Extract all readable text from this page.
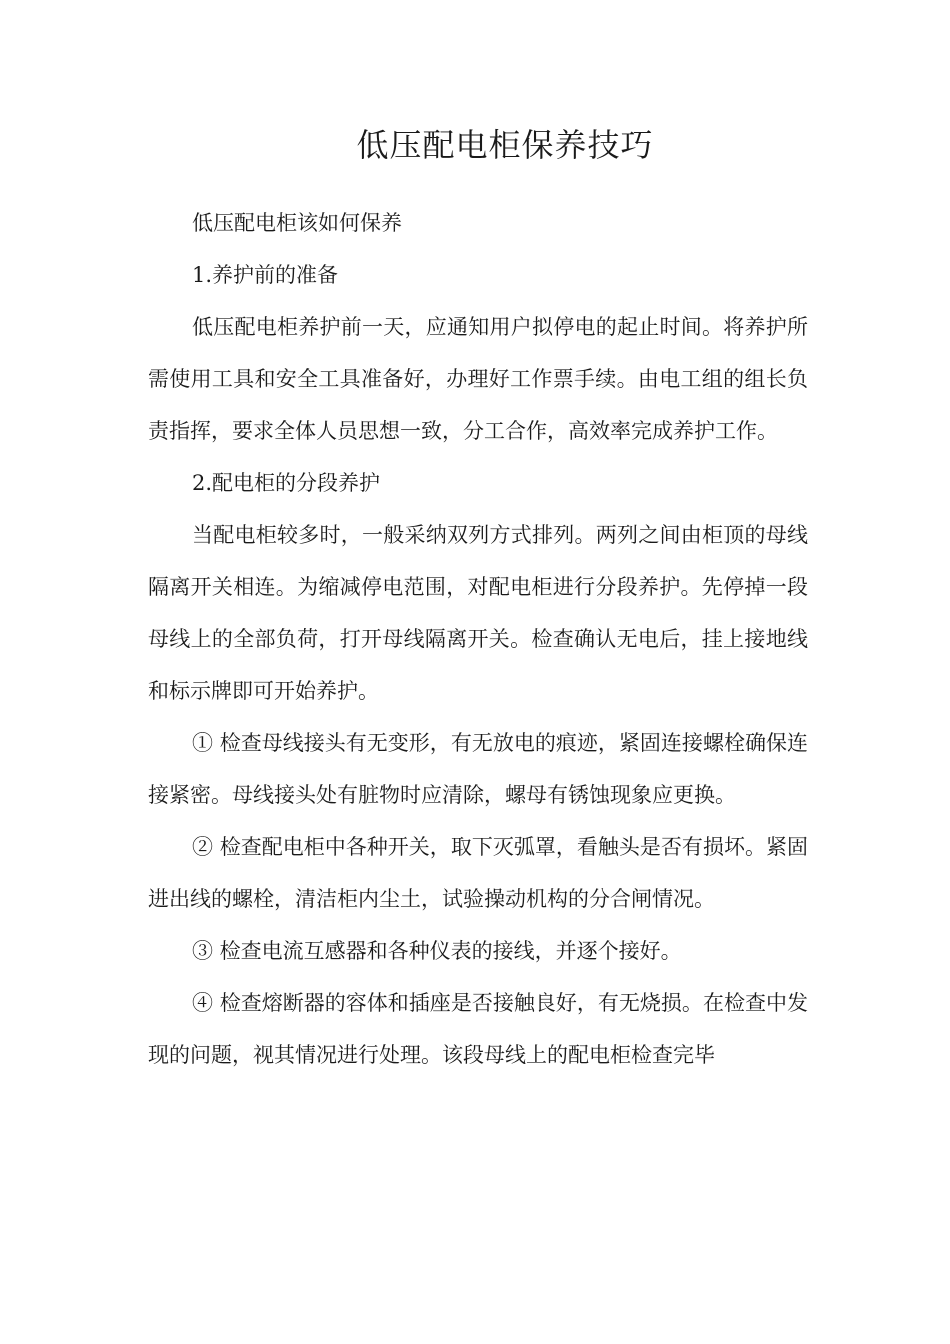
低压配电柜保养技巧

低压配电柜该如何保养

1.养护前的准备

低压配电柜养护前一天，应通知用户拟停电的起止时间。将养护所需使用工具和安全工具准备好，办理好工作票手续。由电工组的组长负责指挥，要求全体人员思想一致，分工合作，高效率完成养护工作。

2.配电柜的分段养护

当配电柜较多时，一般采纳双列方式排列。两列之间由柜顶的母线隔离开关相连。为缩减停电范围，对配电柜进行分段养护。先停掉一段母线上的全部负荷，打开母线隔离开关。检查确认无电后，挂上接地线和标示牌即可开始养护。

① 检查母线接头有无变形，有无放电的痕迹，紧固连接螺栓确保连接紧密。母线接头处有脏物时应清除，螺母有锈蚀现象应更换。

② 检查配电柜中各种开关，取下灭弧罩，看触头是否有损坏。紧固进出线的螺栓，清洁柜内尘土，试验操动机构的分合闸情况。

③ 检查电流互感器和各种仪表的接线，并逐个接好。

④ 检查熔断器的容体和插座是否接触良好，有无烧损。在检查中发现的问题，视其情况进行处理。该段母线上的配电柜检查完毕
